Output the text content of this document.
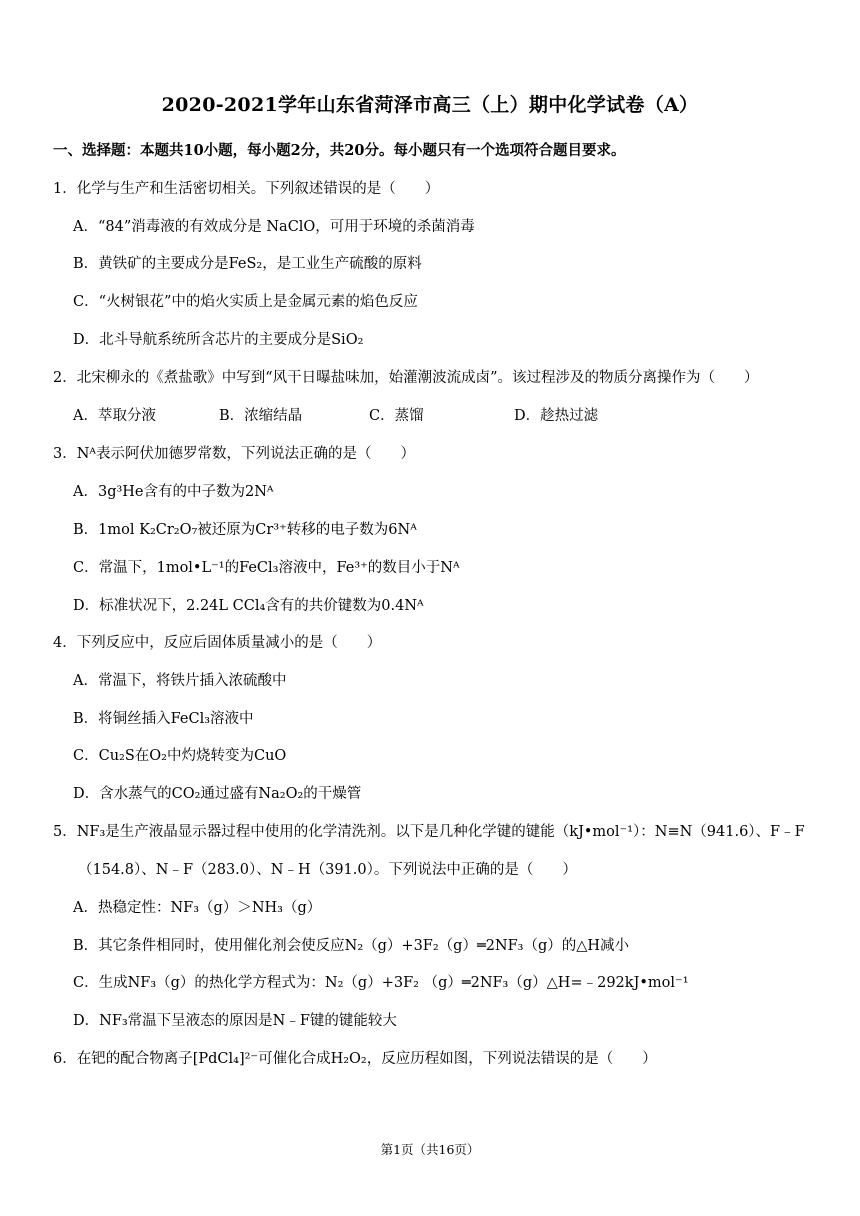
2020-2021学年山东省菏泽市高三（上）期中化学试卷（A）
一、选择题：本题共10小题，每小题2分，共20分。每小题只有一个选项符合题目要求。
1．化学与生产和生活密切相关。下列叙述错误的是（　　）
A．“84”消毒液的有效成分是 NaClO，可用于环境的杀菌消毒
B．黄铁矿的主要成分是FeS₂，是工业生产硫酸的原料
C．“火树银花”中的焰火实质上是金属元素的焰色反应
D．北斗导航系统所含芯片的主要成分是SiO₂
2．北宋柳永的《煮盐歌》中写到“风干日曝盐味加，始灌潮波流成卤”。该过程涉及的物质分离操作为（　　）
A．萃取分液	B．浓缩结晶	C．蒸馏	D．趁热过滤
3．Nᴬ表示阿伏加德罗常数，下列说法正确的是（　　）
A．3g³He含有的中子数为2Nᴬ
B．1mol K₂Cr₂O₇被还原为Cr³⁺转移的电子数为6Nᴬ
C．常温下，1mol•L⁻¹的FeCl₃溶液中，Fe³⁺的数目小于Nᴬ
D．标准状况下，2.24L CCl₄含有的共价键数为0.4Nᴬ
4．下列反应中，反应后固体质量减小的是（　　）
A．常温下，将铁片插入浓硫酸中
B．将铜丝插入FeCl₃溶液中
C．Cu₂S在O₂中灼烧转变为CuO
D．含水蒸气的CO₂通过盛有Na₂O₂的干燥管
5．NF₃是生产液晶显示器过程中使用的化学清洗剂。以下是几种化学键的键能（kJ•mol⁻¹）：N≡N（941.6）、F﹣F
（154.8）、N﹣F（283.0）、N﹣H（391.0）。下列说法中正确的是（　　）
A．热稳定性：NF₃（g）＞NH₃（g）
B．其它条件相同时，使用催化剂会使反应N₂（g）+3F₂（g）═2NF₃（g）的△H减小
C．生成NF₃（g）的热化学方程式为：N₂（g）+3F₂ （g）═2NF₃（g）△H=﹣292kJ•mol⁻¹
D．NF₃常温下呈液态的原因是N﹣F键的键能较大
6．在钯的配合物离子[PdCl₄]²⁻可催化合成H₂O₂，反应历程如图，下列说法错误的是（　　）
第1页（共16页）
